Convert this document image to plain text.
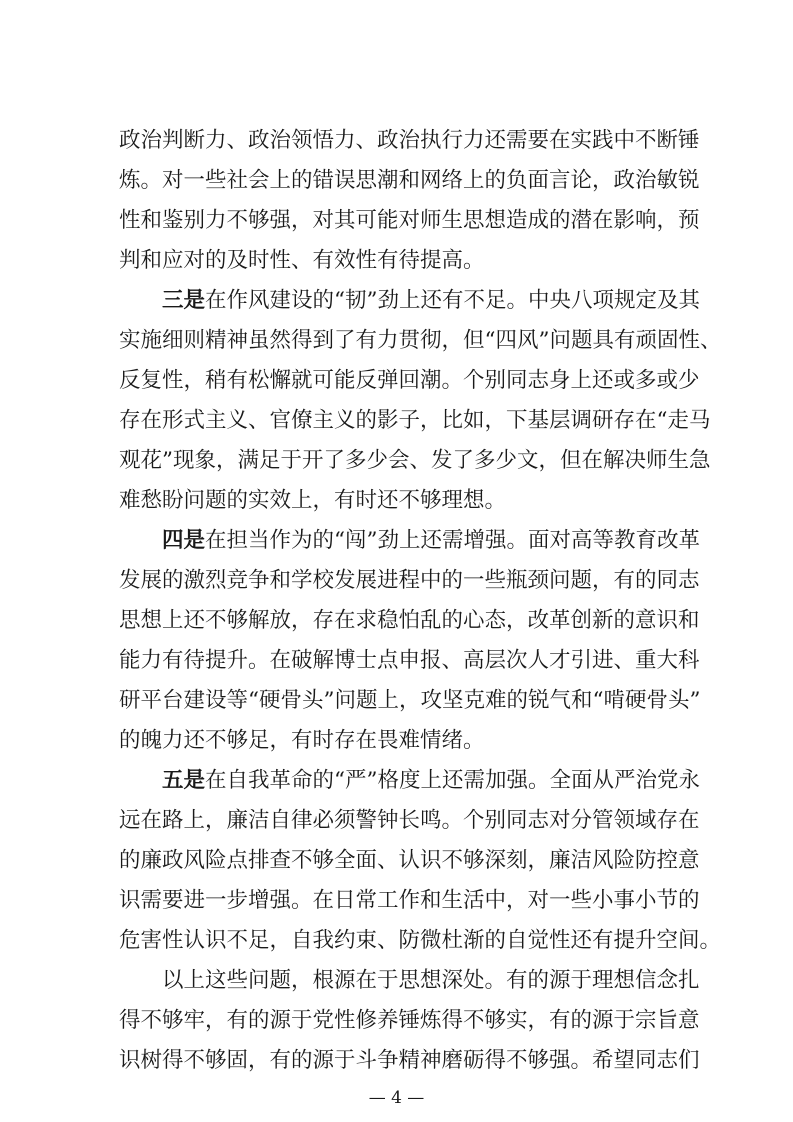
政治判断力、政治领悟力、政治执行力还需要在实践中不断锤
炼。对一些社会上的错误思潮和网络上的负面言论，政治敏锐
性和鉴别力不够强，对其可能对师生思想造成的潜在影响，预
判和应对的及时性、有效性有待提高。
三是在作风建设的“韧”劲上还有不足。中央八项规定及其
实施细则精神虽然得到了有力贯彻，但“四风”问题具有顽固性、
反复性，稍有松懈就可能反弹回潮。个别同志身上还或多或少
存在形式主义、官僚主义的影子，比如，下基层调研存在“走马
观花”现象，满足于开了多少会、发了多少文，但在解决师生急
难愁盼问题的实效上，有时还不够理想。
四是在担当作为的“闯”劲上还需增强。面对高等教育改革
发展的激烈竞争和学校发展进程中的一些瓶颈问题，有的同志
思想上还不够解放，存在求稳怕乱的心态，改革创新的意识和
能力有待提升。在破解博士点申报、高层次人才引进、重大科
研平台建设等“硬骨头”问题上，攻坚克难的锐气和“啃硬骨头”
的魄力还不够足，有时存在畏难情绪。
五是在自我革命的“严”格度上还需加强。全面从严治党永
远在路上，廉洁自律必须警钟长鸣。个别同志对分管领域存在
的廉政风险点排查不够全面、认识不够深刻，廉洁风险防控意
识需要进一步增强。在日常工作和生活中，对一些小事小节的
危害性认识不足，自我约束、防微杜渐的自觉性还有提升空间。
以上这些问题，根源在于思想深处。有的源于理想信念扎
得不够牢，有的源于党性修养锤炼得不够实，有的源于宗旨意
识树得不够固，有的源于斗争精神磨砺得不够强。希望同志们
— 4 —
